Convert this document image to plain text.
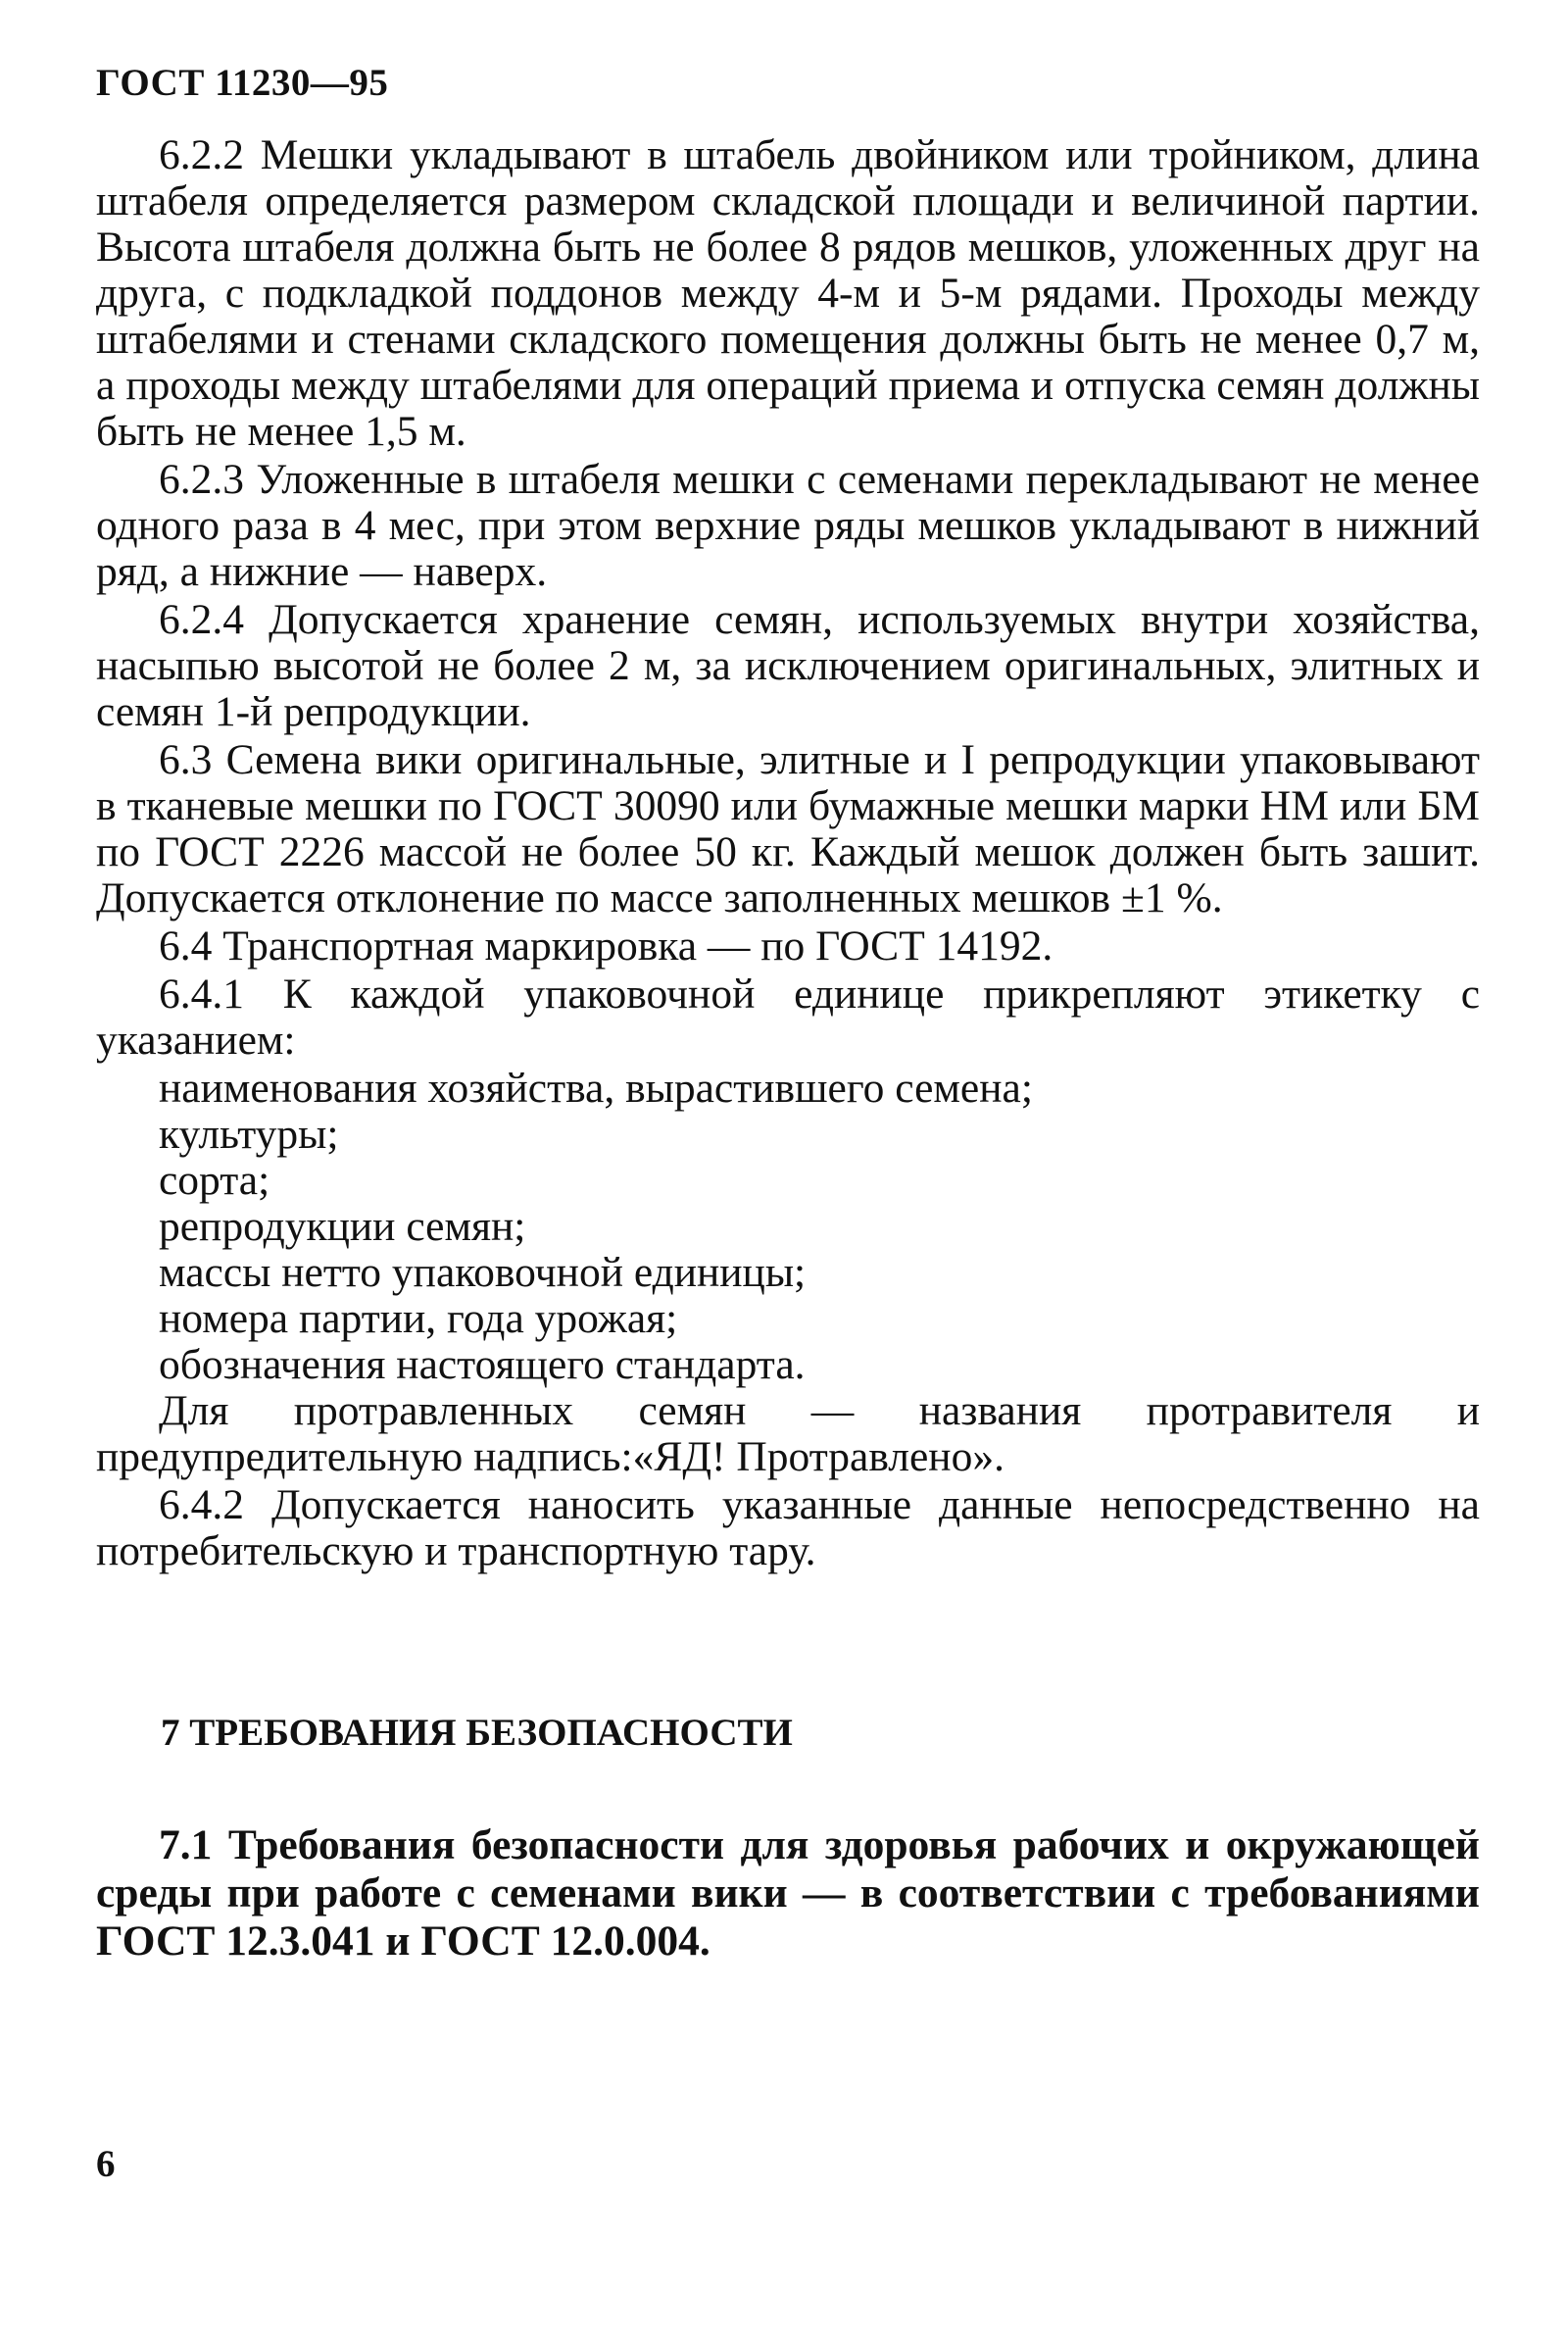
ГОСТ 11230—95

6.2.2 Мешки укладывают в штабель двойником или тройником, длина штабеля определяется размером складской площади и величиной партии. Высота штабеля должна быть не более 8 рядов мешков, уложенных друг на друга, с подкладкой поддонов между 4-м и 5-м рядами. Проходы между штабелями и стенами складского помещения должны быть не менее 0,7 м, а проходы между штабелями для операций приема и отпуска семян должны быть не менее 1,5 м.

6.2.3 Уложенные в штабеля мешки с семенами перекладывают не менее одного раза в 4 мес, при этом верхние ряды мешков укладывают в нижний ряд, а нижние — наверх.

6.2.4 Допускается хранение семян, используемых внутри хозяйства, насыпью высотой не более 2 м, за исключением оригинальных, элитных и семян 1-й репродукции.

6.3 Семена вики оригинальные, элитные и I репродукции упаковывают в тканевые мешки по ГОСТ 30090 или бумажные мешки марки НМ или БМ по ГОСТ 2226 массой не более 50 кг. Каждый мешок должен быть зашит. Допускается отклонение по массе заполненных мешков ±1 %.

6.4 Транспортная маркировка — по ГОСТ 14192.

6.4.1 К каждой упаковочной единице прикрепляют этикетку с указанием:

наименования хозяйства, вырастившего семена;

культуры;

сорта;

репродукции семян;

массы нетто упаковочной единицы;

номера партии, года урожая;

обозначения настоящего стандарта.

Для протравленных семян — названия протравителя и предупредительную надпись:«ЯД! Протравлено».

6.4.2 Допускается наносить указанные данные непосредственно на потребительскую и транспортную тару.

7 ТРЕБОВАНИЯ БЕЗОПАСНОСТИ

7.1 Требования безопасности для здоровья рабочих и окружающей среды при работе с семенами вики — в соответствии с требованиями ГОСТ 12.3.041 и ГОСТ 12.0.004.

6
